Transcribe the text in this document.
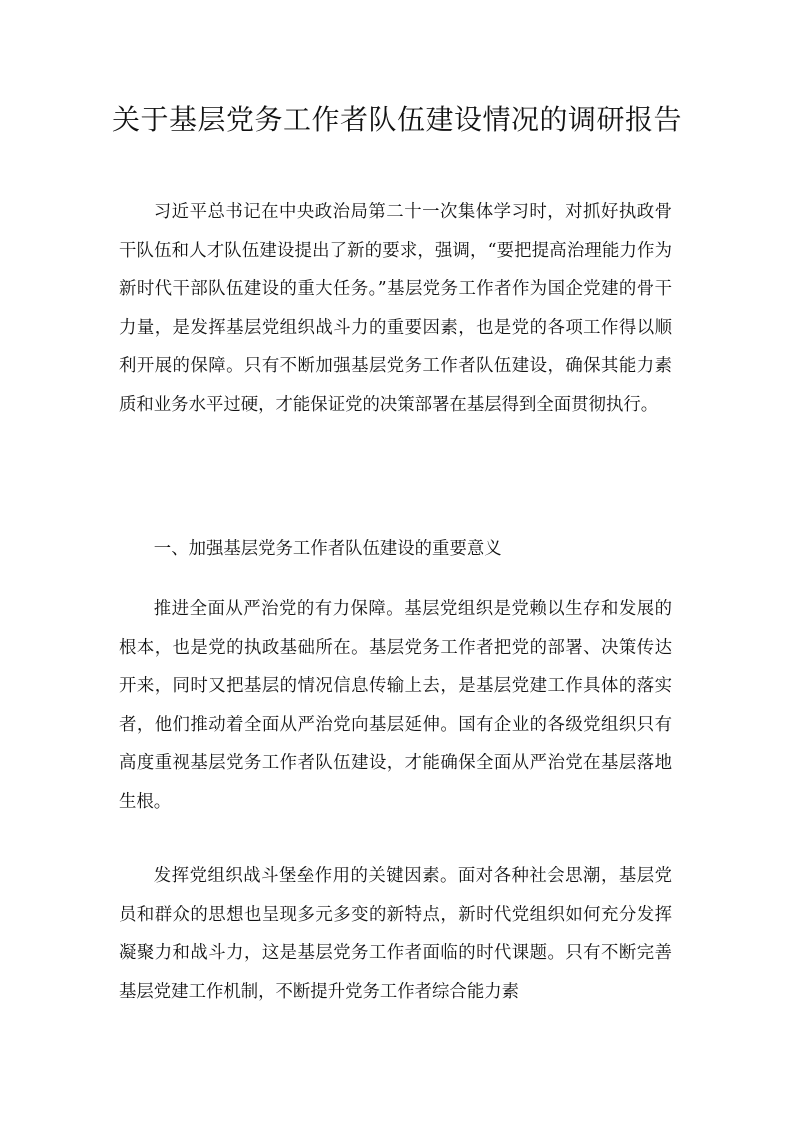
关于基层党务工作者队伍建设情况的调研报告

习近平总书记在中央政治局第二十一次集体学习时，对抓好执政骨干队伍和人才队伍建设提出了新的要求，强调，“要把提高治理能力作为新时代干部队伍建设的重大任务。”基层党务工作者作为国企党建的骨干力量，是发挥基层党组织战斗力的重要因素，也是党的各项工作得以顺利开展的保障。只有不断加强基层党务工作者队伍建设，确保其能力素质和业务水平过硬，才能保证党的决策部署在基层得到全面贯彻执行。

一、加强基层党务工作者队伍建设的重要意义

推进全面从严治党的有力保障。基层党组织是党赖以生存和发展的根本，也是党的执政基础所在。基层党务工作者把党的部署、决策传达开来，同时又把基层的情况信息传输上去，是基层党建工作具体的落实者，他们推动着全面从严治党向基层延伸。国有企业的各级党组织只有高度重视基层党务工作者队伍建设，才能确保全面从严治党在基层落地生根。

发挥党组织战斗堡垒作用的关键因素。面对各种社会思潮，基层党员和群众的思想也呈现多元多变的新特点，新时代党组织如何充分发挥凝聚力和战斗力，这是基层党务工作者面临的时代课题。只有不断完善基层党建工作机制，不断提升党务工作者综合能力素
